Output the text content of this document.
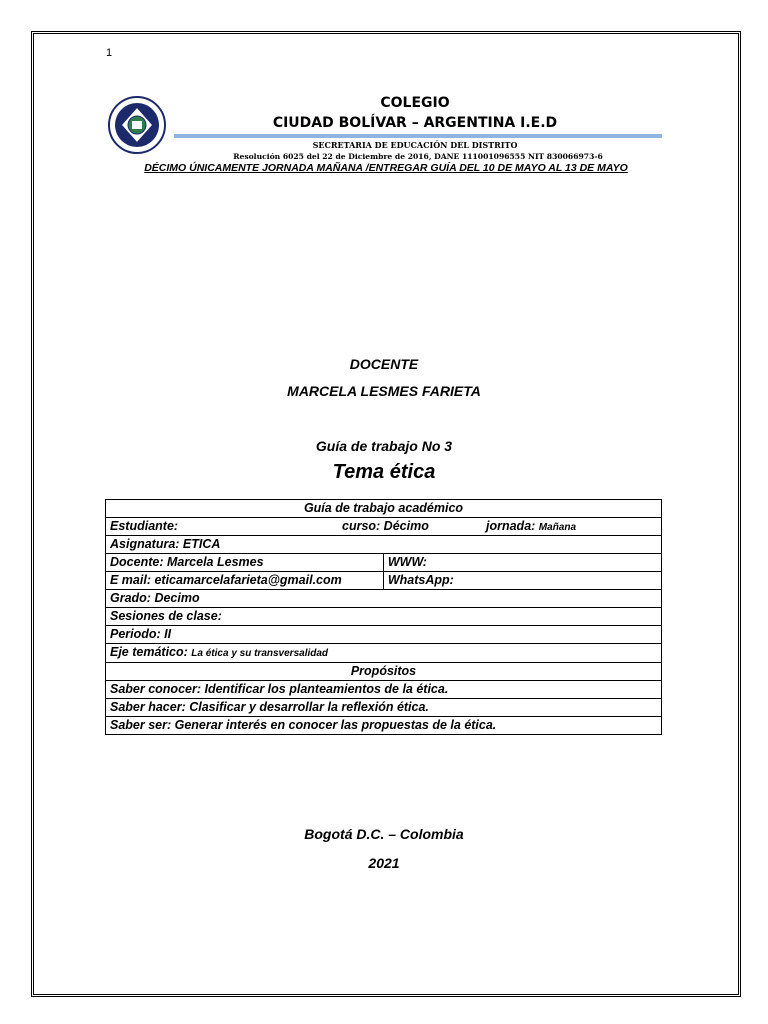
1
COLEGIO
CIUDAD BOLÍVAR – ARGENTINA I.E.D
SECRETARIA DE EDUCACIÓN DEL DISTRITO
Resolución 6025 del 22 de Diciembre de 2016, DANE 111001096555 NIT 830066973-6
DÉCIMO ÚNICAMENTE JORNADA MAÑANA /ENTREGAR GUÍA DEL 10 DE MAYO AL 13 DE MAYO
DOCENTE
MARCELA LESMES FARIETA
Guía de trabajo No 3
Tema ética
Guía de trabajo académico	
Estudiante: curso: Décimo jornada: Mañana	

Asignatura: ETICA	
Docente: Marcela Lesmes	WWW:
E mail: eticamarcelafarieta@gmail.com	WhatsApp:
Grado: Decimo	
Sesiones de clase:	
Periodo: II	
Eje temático: La ética y su transversalidad	
Propósitos	
Saber conocer: Identificar los planteamientos de la ética.	
Saber hacer: Clasificar y desarrollar la reflexión ética.	
Saber ser: Generar interés en conocer las propuestas de la ética.	
Bogotá D.C. – Colombia
2021
